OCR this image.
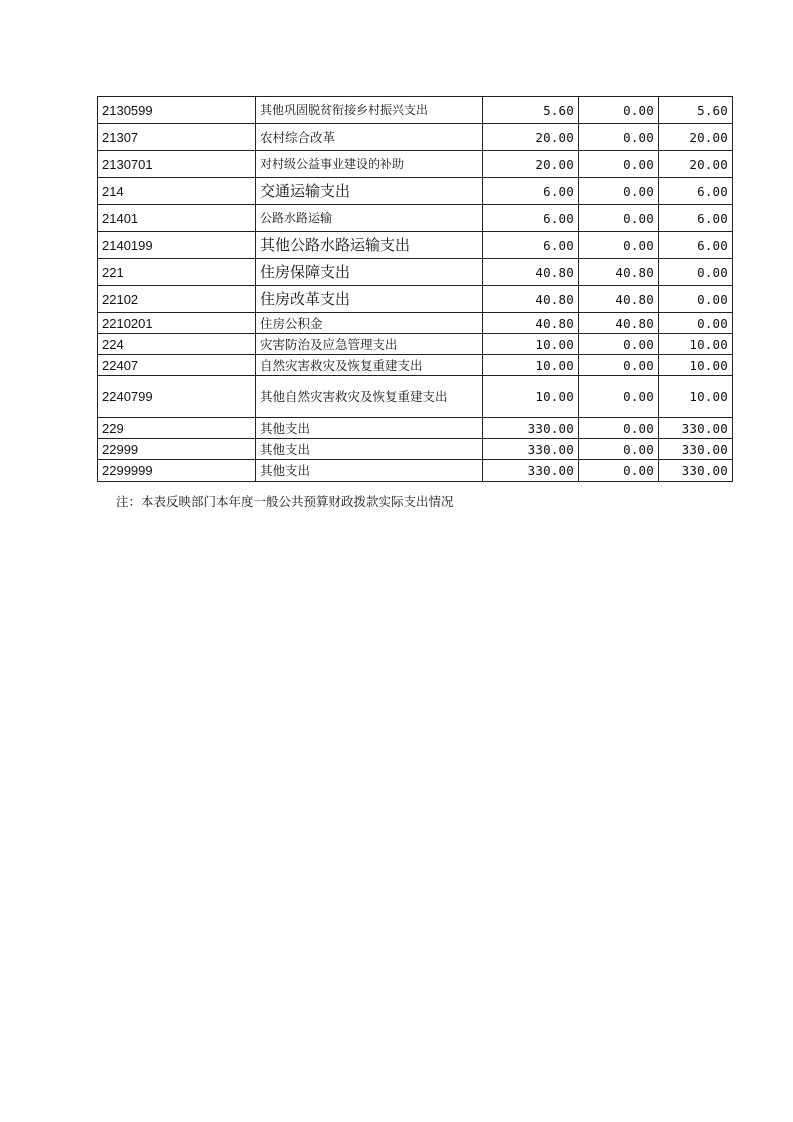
2130599	其他巩固脱贫衔接乡村振兴支出	5.60	0.00	5.60
21307	农村综合改革	20.00	0.00	20.00
2130701	对村级公益事业建设的补助	20.00	0.00	20.00
214	交通运输支出	6.00	0.00	6.00
21401	公路水路运输	6.00	0.00	6.00
2140199	其他公路水路运输支出	6.00	0.00	6.00
221	住房保障支出	40.80	40.80	0.00
22102	住房改革支出	40.80	40.80	0.00
2210201	住房公积金	40.80	40.80	0.00
224	灾害防治及应急管理支出	10.00	0.00	10.00
22407	自然灾害救灾及恢复重建支出	10.00	0.00	10.00
2240799	其他自然灾害救灾及恢复重建支出	10.00	0.00	10.00
229	其他支出	330.00	0.00	330.00
22999	其他支出	330.00	0.00	330.00
2299999	其他支出	330.00	0.00	330.00
注：本表反映部门本年度一般公共预算财政拨款实际支出情况
